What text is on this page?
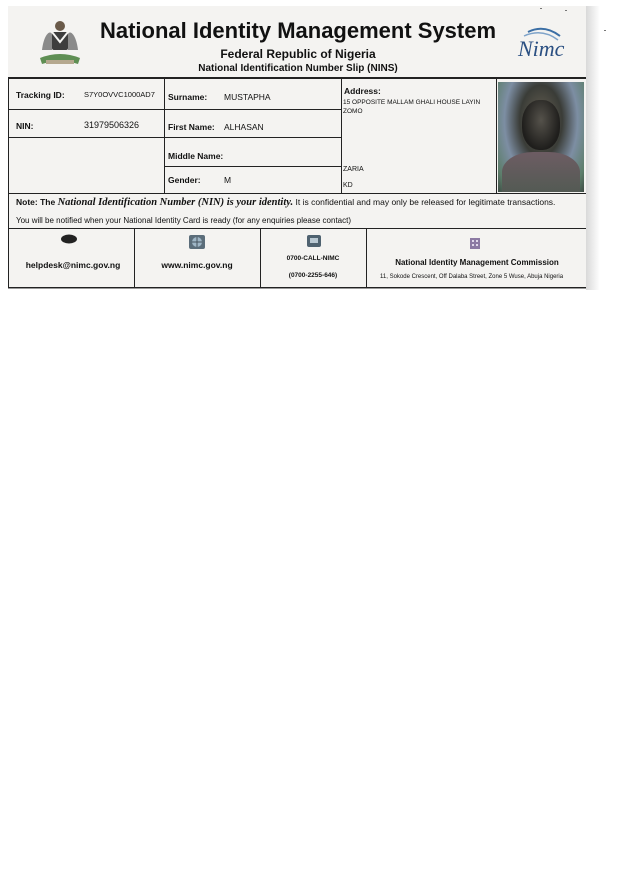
National Identity Management System
Federal Republic of Nigeria
National Identification Number Slip (NINS)
Nimc
Tracking ID:	S7Y0OVVC1000AD7
NIN:	31979506326
Surname: MUSTAPHA
First Name: ALHASAN
Middle Name:
Gender:	M
Address:
15 OPPOSITE MALLAM GHALI HOUSE LAYIN
ZOMO
ZARIA
KD
Note: The National Identification Number (NIN) is your identity. It is confidential and may only be released for legitimate transactions.
You will be notified when your National Identity Card is ready (for any enquiries please contact)
helpdesk@nimc.gov.ng	www.nimc.gov.ng
0700-CALL-NIMC
(0700-2255-646)
National Identity Management Commission
11, Sokode Crescent, Off Dalaba Street, Zone 5 Wuse, Abuja Nigeria
